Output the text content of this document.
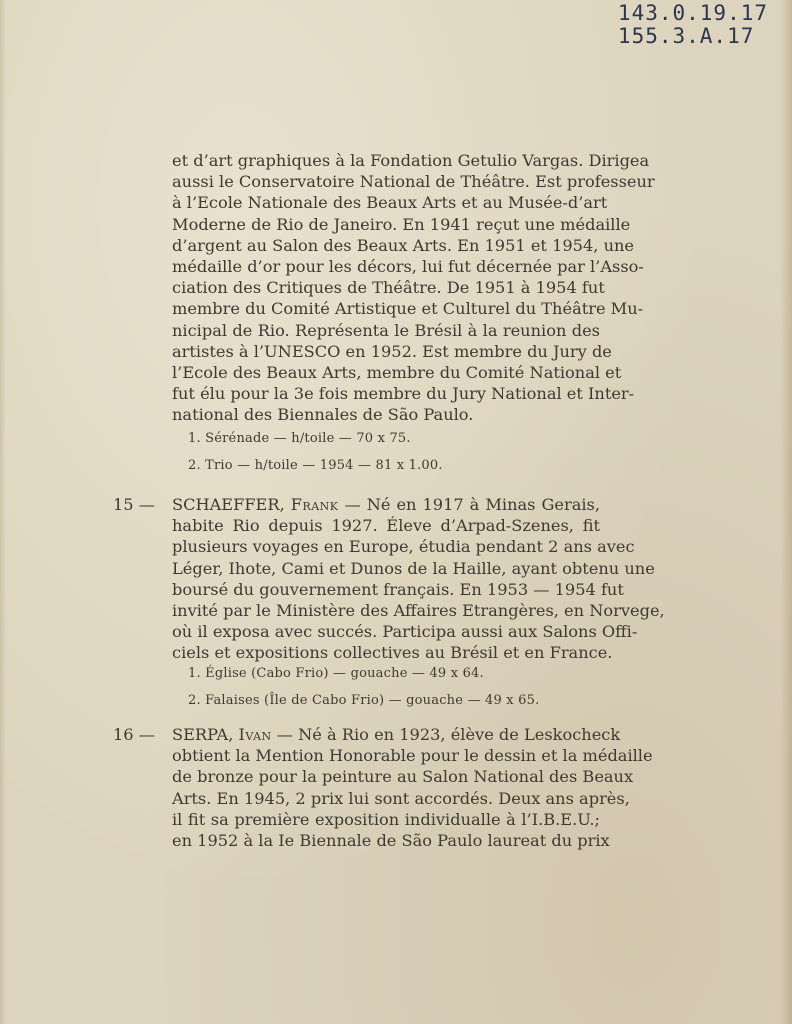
143.0.19.17
155.3.A.17
et d’art graphiques à la Fondation Getulio Vargas. Dirigea
aussi le Conservatoire National de Théâtre. Est professeur
à l’Ecole Nationale des Beaux Arts et au Musée-d’art
Moderne de Rio de Janeiro. En 1941 reçut une médaille
d’argent au Salon des Beaux Arts. En 1951 et 1954, une
médaille d’or pour les décors, lui fut décernée par l’Asso-
ciation des Critiques de Théâtre. De 1951 à 1954 fut
membre du Comité Artistique et Culturel du Théâtre Mu-
nicipal de Rio. Représenta le Brésil à la reunion des
artistes à l’UNESCO en 1952. Est membre du Jury de
l’Ecole des Beaux Arts, membre du Comité National et
fut élu pour la 3e fois membre du Jury National et Inter-
national des Biennales de São Paulo.
1. Sérénade — h/toile — 70 x 75.
2. Trio — h/toile — 1954 — 81 x 1.00.
15 — SCHAEFFER, Frank — Né en 1917 à Minas Gerais,
habite Rio depuis 1927. Éleve d’Arpad-Szenes, fit
plusieurs voyages en Europe, étudia pendant 2 ans avec
Léger, Ihote, Cami et Dunos de la Haille, ayant obtenu une
boursé du gouvernement français. En 1953 — 1954 fut
invité par le Ministère des Affaires Etrangères, en Norvege,
où il exposa avec succés. Participa aussi aux Salons Offi-
ciels et expositions collectives au Brésil et en France.
1. Église (Cabo Frio) — gouache — 49 x 64.
2. Falaises (Île de Cabo Frio) — gouache — 49 x 65.
16 — SERPA, Ivan — Né à Rio en 1923, élève de Leskocheck
obtient la Mention Honorable pour le dessin et la médaille
de bronze pour la peinture au Salon National des Beaux
Arts. En 1945, 2 prix lui sont accordés. Deux ans après,
il fit sa première exposition individualle à l’I.B.E.U.;
en 1952 à la Ie Biennale de São Paulo laureat du prix
